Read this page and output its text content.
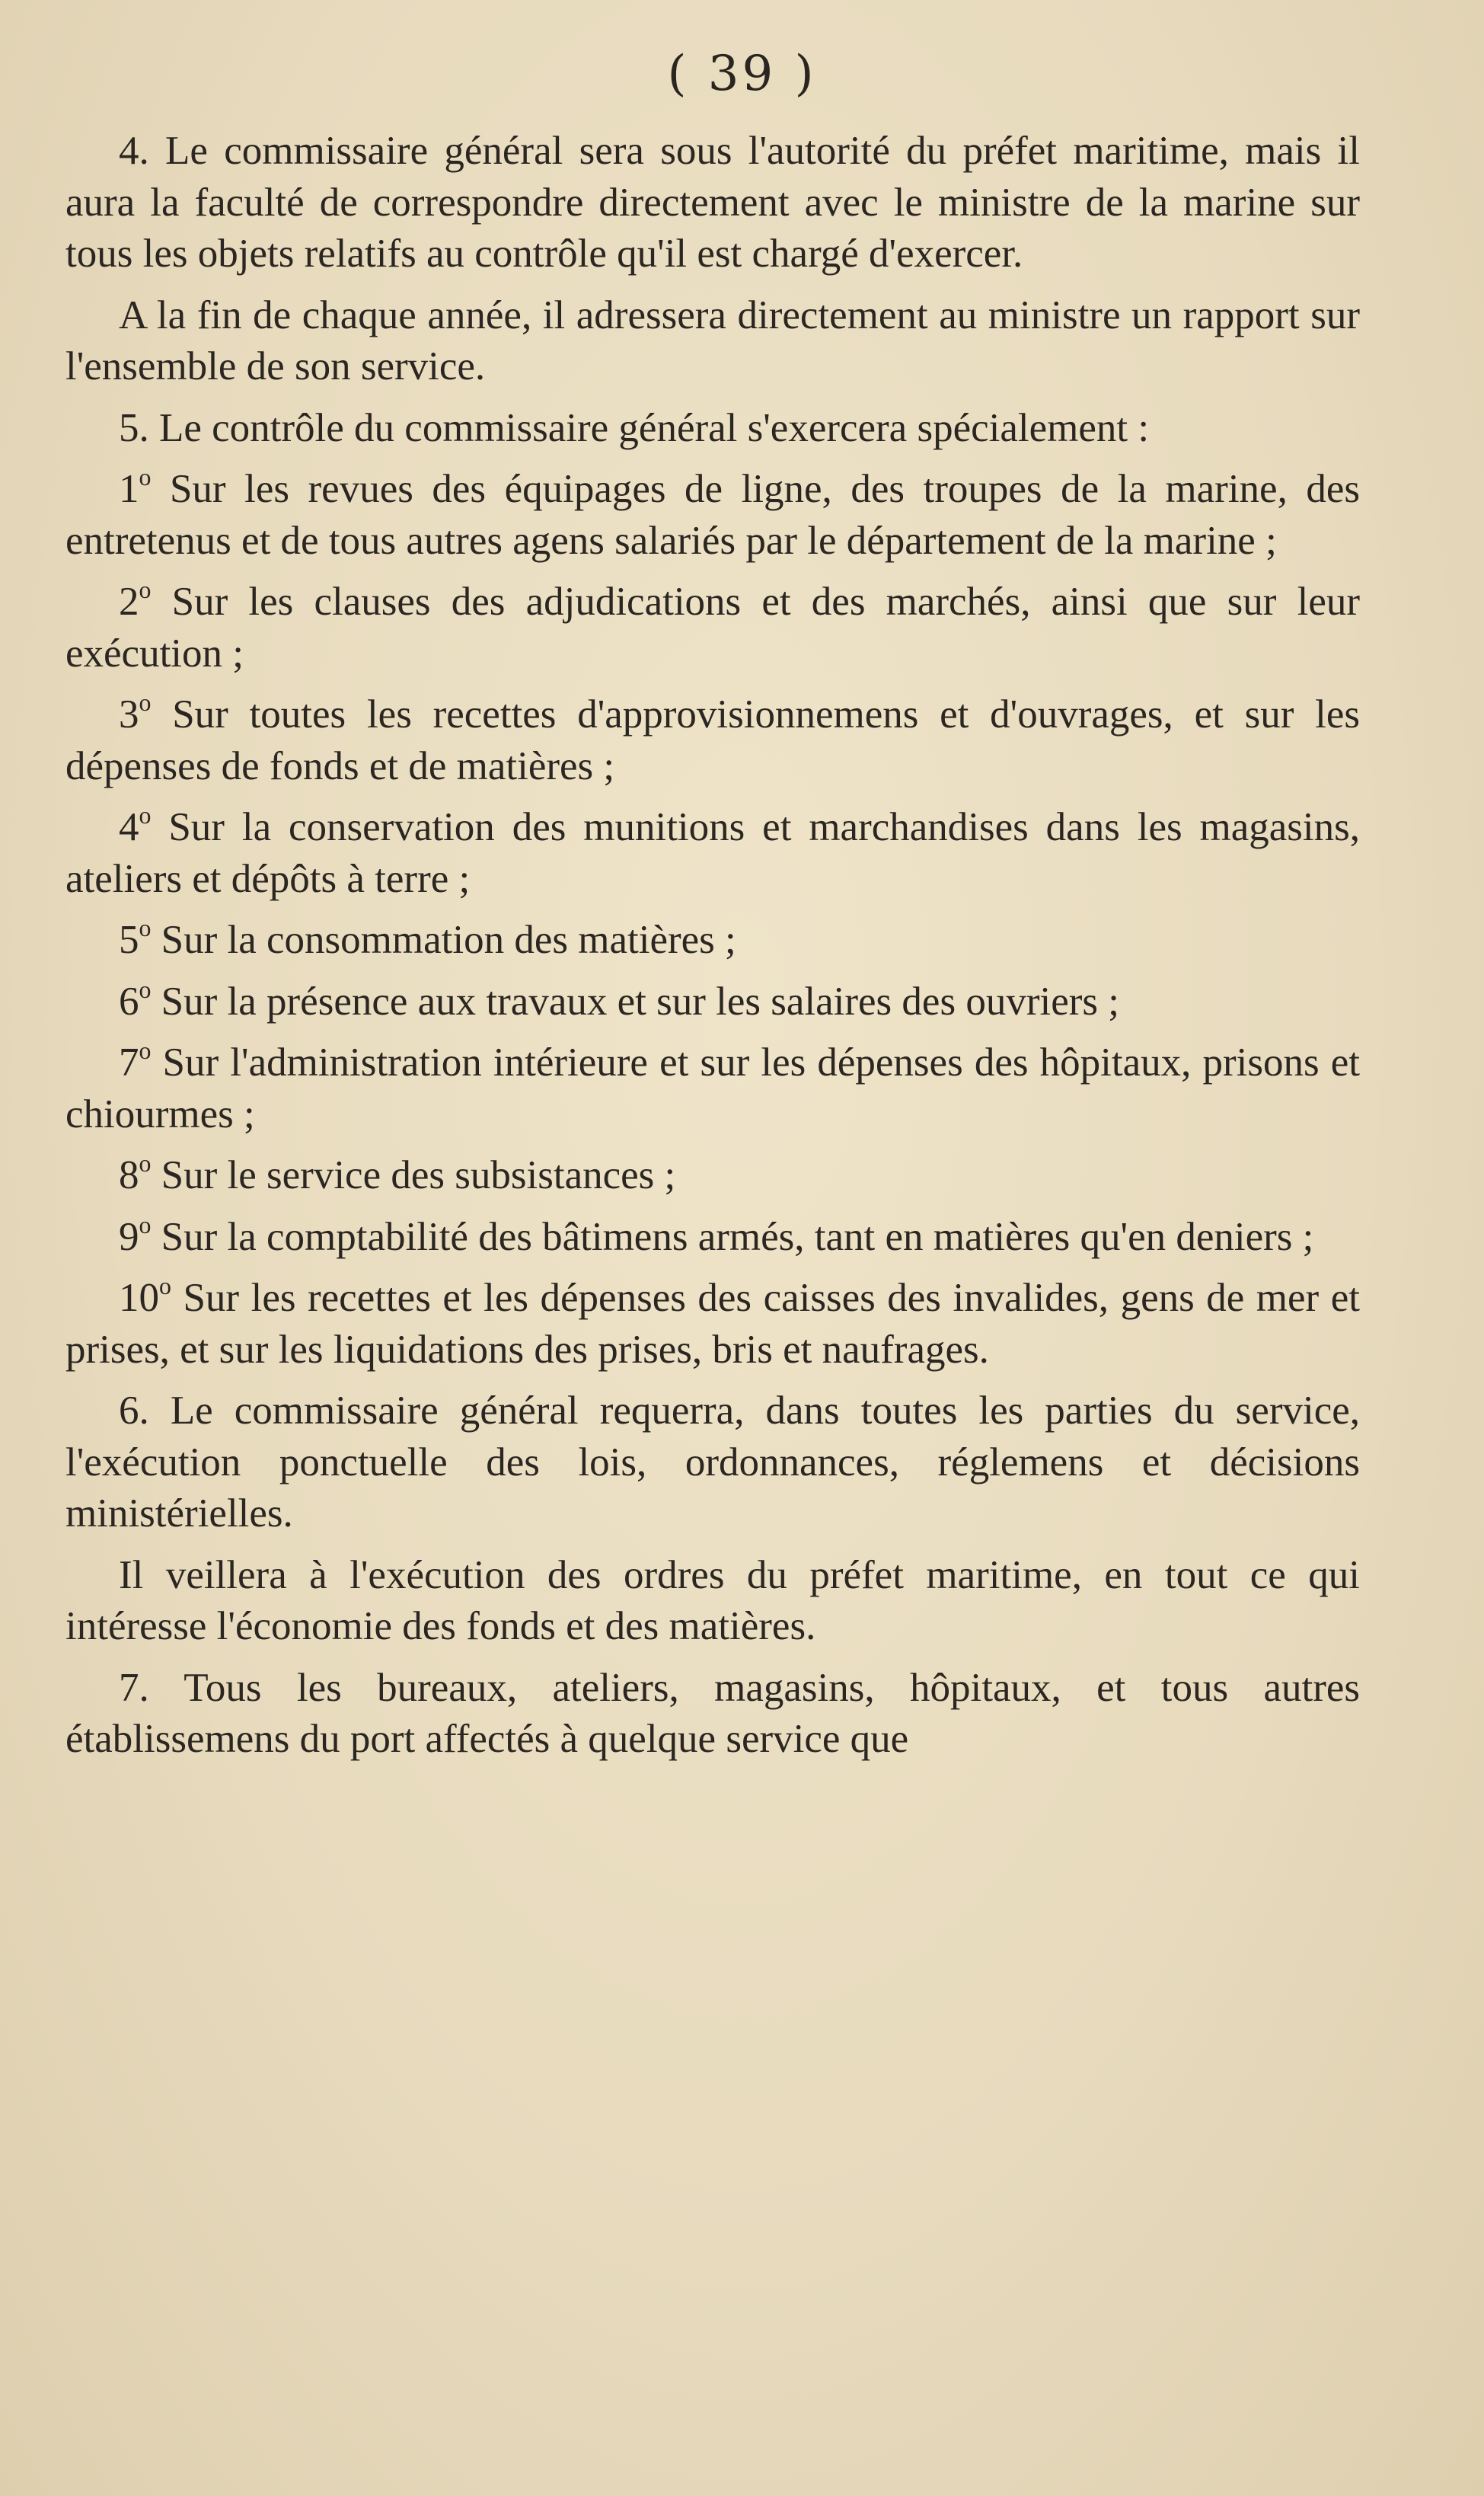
( 39 )

4. Le commissaire général sera sous l'autorité du préfet maritime, mais il aura la faculté de correspondre directement avec le ministre de la marine sur tous les objets relatifs au contrôle qu'il est chargé d'exercer.

A la fin de chaque année, il adressera directement au ministre un rapport sur l'ensemble de son service.

5. Le contrôle du commissaire général s'exercera spécialement :

1$^o$ Sur les revues des équipages de ligne, des troupes de la marine, des entretenus et de tous autres agens salariés par le département de la marine ;

2$^o$ Sur les clauses des adjudications et des marchés, ainsi que sur leur exécution ;

3$^o$ Sur toutes les recettes d'approvisionnemens et d'ouvrages, et sur les dépenses de fonds et de matières ;

4$^o$ Sur la conservation des munitions et marchandises dans les magasins, ateliers et dépôts à terre ;

5$^o$ Sur la consommation des matières ;

6$^o$ Sur la présence aux travaux et sur les salaires des ouvriers ;

7$^o$ Sur l'administration intérieure et sur les dépenses des hôpitaux, prisons et chiourmes ;

8$^o$ Sur le service des subsistances ;

9$^o$ Sur la comptabilité des bâtimens armés, tant en matières qu'en deniers ;

10$^o$ Sur les recettes et les dépenses des caisses des invalides, gens de mer et prises, et sur les liquidations des prises, bris et naufrages.

6. Le commissaire général requerra, dans toutes les parties du service, l'exécution ponctuelle des lois, ordonnances, réglemens et décisions ministérielles.

Il veillera à l'exécution des ordres du préfet maritime, en tout ce qui intéresse l'économie des fonds et des matières.

7. Tous les bureaux, ateliers, magasins, hôpitaux, et tous autres établissemens du port affectés à quelque service que
